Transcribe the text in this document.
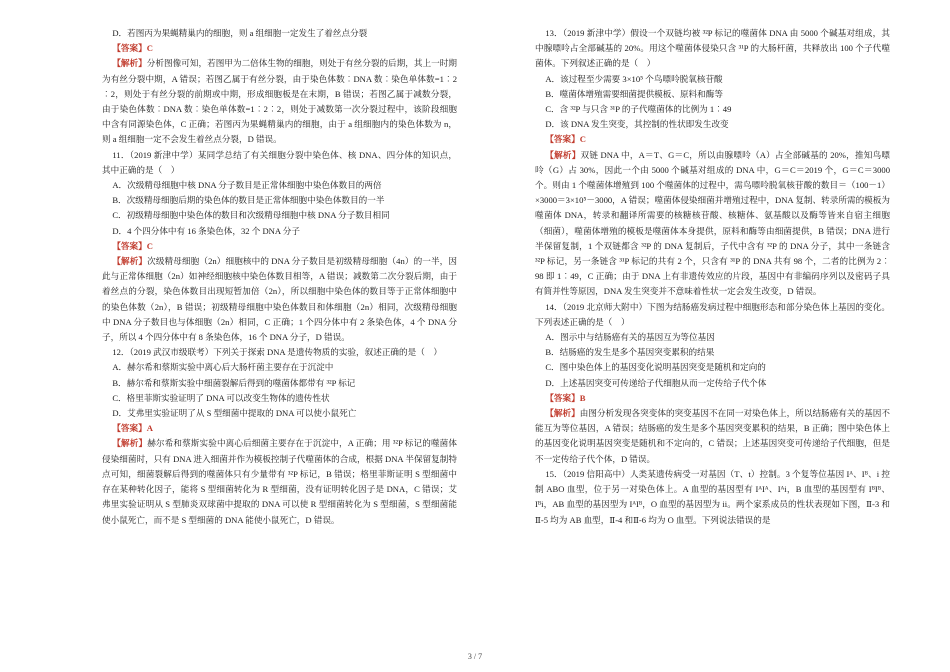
D．若图丙为果蝇精巢内的细胞，则 a 组细胞一定发生了着丝点分裂

【答案】C

【解析】分析图像可知，若图甲为二倍体生物的细胞，则处于有丝分裂的后期，其上一时期为有丝分裂中期，A 错误；若图乙属于有丝分裂，由于染色体数︰DNA 数︰染色单体数=1︰2︰2，则处于有丝分裂的前期或中期，形成细胞板是在末期，B 错误；若图乙属于减数分裂，由于染色体数︰DNA 数︰染色单体数=1︰2︰2，则处于减数第一次分裂过程中，该阶段细胞中含有同源染色体，C 正确；若图丙为果蝇精巢内的细胞，由于 a 组细胞内的染色体数为 n，则 a 组细胞一定不会发生着丝点分裂，D 错误。

11．（2019 新津中学）某同学总结了有关细胞分裂中染色体、核 DNA、四分体的知识点，其中正确的是（　）

A．次级精母细胞中核 DNA 分子数目是正常体细胞中染色体数目的两倍

B．次级精母细胞后期的染色体的数目是正常体细胞中染色体数目的一半

C．初级精母细胞中染色体的数目和次级精母细胞中核 DNA 分子数目相同

D．4 个四分体中有 16 条染色体，32 个 DNA 分子

【答案】C

【解析】次级精母细胞（2n）细胞核中的 DNA 分子数目是初级精母细胞（4n）的一半，因此与正常体细胞（2n）如神经细胞核中染色体数目相等，A 错误；减数第二次分裂后期，由于着丝点的分裂，染色体数目出现短暂加倍（2n），所以细胞中染色体的数目等于正常体细胞中的染色体数（2n），B 错误；初级精母细胞中染色体数目和体细胞（2n）相同，次级精母细胞中 DNA 分子数目也与体细胞（2n）相同，C 正确；1 个四分体中有 2 条染色体，4 个 DNA 分子，所以 4 个四分体中有 8 条染色体，16 个 DNA 分子，D 错误。

12．（2019 武汉市级联考）下列关于探索 DNA 是遗传物质的实验，叙述正确的是（　）

A．赫尔希和蔡斯实验中离心后大肠杆菌主要存在于沉淀中

B．赫尔希和蔡斯实验中细菌裂解后得到的噬菌体都带有 ³²P 标记

C．格里菲斯实验证明了 DNA 可以改变生物体的遗传性状

D．艾弗里实验证明了从 S 型细菌中提取的 DNA 可以使小鼠死亡

【答案】A

【解析】赫尔希和蔡斯实验中离心后细菌主要存在于沉淀中，A 正确；用 ³²P 标记的噬菌体侵染细菌时，只有 DNA 进入细菌并作为模板控制子代噬菌体的合成，根据 DNA 半保留复制特点可知，细菌裂解后得到的噬菌体只有少量带有 ³²P 标记，B 错误；格里菲斯证明 S 型细菌中存在某种转化因子，能将 S 型细菌转化为 R 型细菌，没有证明转化因子是 DNA，C 错误；艾弗里实验证明从 S 型肺炎双球菌中提取的 DNA 可以使 R 型细菌转化为 S 型细菌，S 型细菌能使小鼠死亡，而不是 S 型细菌的 DNA 能使小鼠死亡，D 错误。

13．（2019 新津中学）假设一个双链均被 ³²P 标记的噬菌体 DNA 由 5000 个碱基对组成，其中腺嘌呤占全部碱基的 20%。用这个噬菌体侵染只含 ³¹P 的大肠杆菌，共释放出 100 个子代噬菌体。下列叙述正确的是（　）

A．该过程至少需要 3×10⁵ 个鸟嘌呤脱氧核苷酸

B．噬菌体增殖需要细菌提供模板、原料和酶等

C．含 ³²P 与只含 ³¹P 的子代噬菌体的比例为 1︰49

D．该 DNA 发生突变，其控制的性状即发生改变

【答案】C

【解析】双链 DNA 中，A＝T、G＝C，所以由腺嘌呤（A）占全部碱基的 20%，推知鸟嘌呤（G）占 30%，因此一个由 5000 个碱基对组成的 DNA 中，G＝C＝2019 个，G＝C＝3000 个。则由 1 个噬菌体增殖到 100 个噬菌体的过程中，需鸟嘌呤脱氧核苷酸的数目＝（100－1）×3000＝3×10⁵－3000，A 错误；噬菌体侵染细菌并增殖过程中，DNA 复制、转录所需的模板为噬菌体 DNA，转录和翻译所需要的核糖核苷酸、核糖体、氨基酸以及酶等皆来自宿主细胞（细菌），噬菌体增殖的模板是噬菌体本身提供，原料和酶等由细菌提供，B 错误；DNA 进行半保留复制，1 个双链都含 ³²P 的 DNA 复制后，子代中含有 ³²P 的 DNA 分子，其中一条链含 ³²P 标记，另一条链含 ³¹P 标记的共有 2 个，只含有 ³¹P 的 DNA 共有 98 个，二者的比例为 2︰98 即 1︰49，C 正确；由于 DNA 上有非遗传效应的片段，基因中有非编码序列以及密码子具有简并性等原因，DNA 发生突变并不意味着性状一定会发生改变，D 错误。

14．（2019 北京师大附中）下图为结肠癌发病过程中细胞形态和部分染色体上基因的变化。下列表述正确的是（　）

A．图示中与结肠癌有关的基因互为等位基因

B．结肠癌的发生是多个基因突变累积的结果

C．图中染色体上的基因变化说明基因突变是随机和定向的

D．上述基因突变可传递给子代细胞从而一定传给子代个体

【答案】B

【解析】由图分析发现各突变体的突变基因不在同一对染色体上，所以结肠癌有关的基因不能互为等位基因，A 错误；结肠癌的发生是多个基因突变累积的结果，B 正确；图中染色体上的基因变化说明基因突变是随机和不定向的，C 错误；上述基因突变可传递给子代细胞，但是不一定传给子代个体，D 错误。

15．（2019 信阳高中）人类某遗传病受一对基因（T、t）控制。3 个复等位基因 Iᴬ、Iᴮ、i 控制 ABO 血型，位于另一对染色体上。A 血型的基因型有 IᴬIᴬ、Iᴬi，B 血型的基因型有 IᴮIᴮ、Iᴮi，AB 血型的基因型为 IᴬIᴮ，O 血型的基因型为 ii。两个家系成员的性状表现如下图，Ⅱ-3 和Ⅱ-5 均为 AB 血型，Ⅱ-4 和Ⅱ-6 均为 O 血型。下列说法错误的是

3 / 7
